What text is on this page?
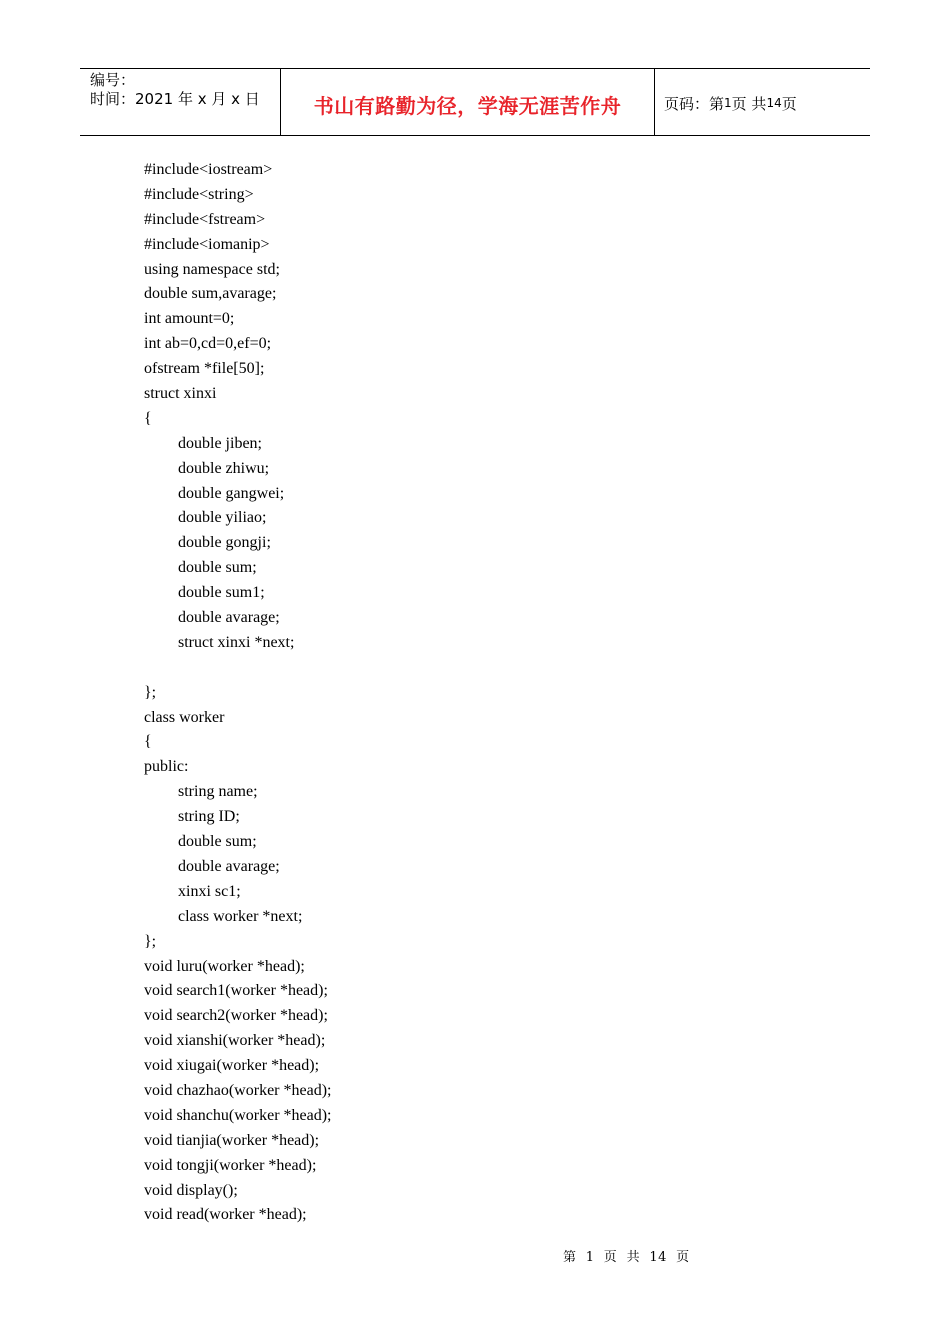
编号：
时间：2021 年 x 月 x 日	书山有路勤为径，学海无涯苦作舟	页码：第 1 页 共 14 页
#include<iostream>
#include<string>
#include<fstream>
#include<iomanip>
using namespace std;
double sum,avarage;
int amount=0;
int ab=0,cd=0,ef=0;
ofstream *file[50];
struct xinxi
{
double jiben;
double zhiwu;
double gangwei;
double yiliao;
double gongji;
double sum;
double sum1;
double avarage;
struct xinxi *next;
};
class worker
{
public:
string name;
string ID;
double sum;
double avarage;
xinxi sc1;
class worker *next;
};
void luru(worker *head);
void search1(worker *head);
void search2(worker *head);
void xianshi(worker *head);
void xiugai(worker *head);
void chazhao(worker *head);
void shanchu(worker *head);
void tianjia(worker *head);
void tongji(worker *head);
void display();
void read(worker *head);
第  1  页  共  14  页
